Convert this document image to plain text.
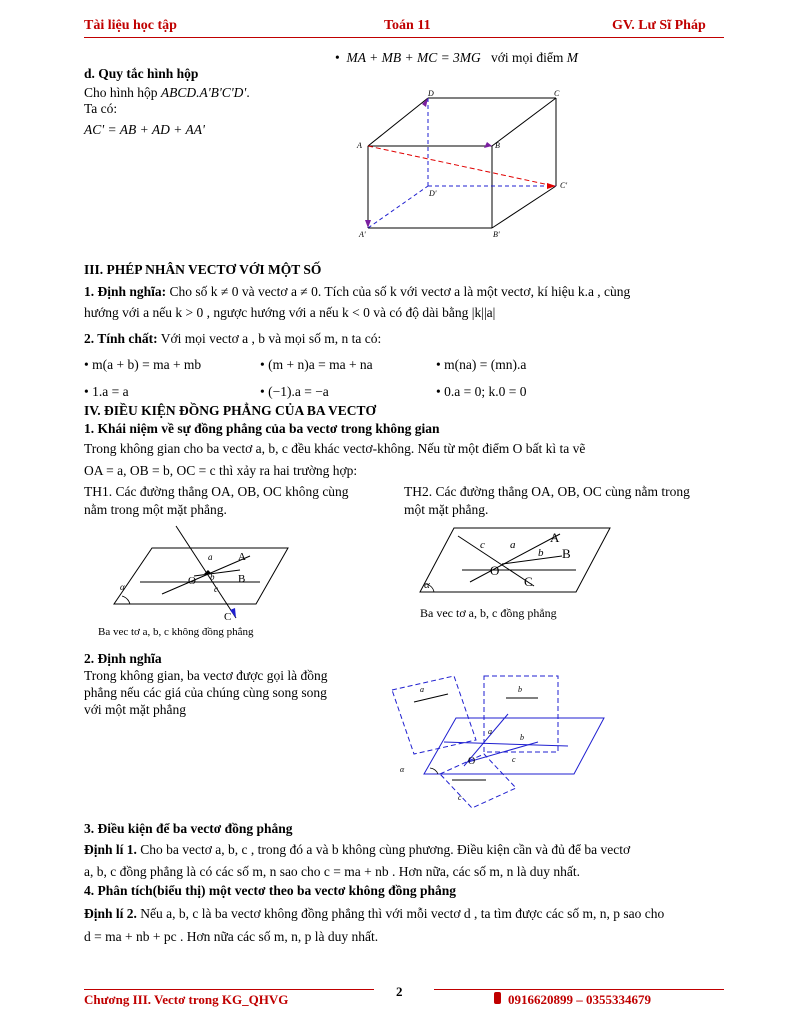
Tài liệu học tập	Toán 11	GV. Lư Sĩ Pháp
• MA + MB + MC = 3MG với mọi điểm M
d. Quy tắc hình hộp
Cho hình hộp ABCD.A'B'C'D'.
Ta có:
AC' = AB + AD + AA'
D	C
A	B
D'
C'
A'	B'
III. PHÉP NHÂN VECTƠ VỚI MỘT SỐ
1. Định nghĩa: Cho số k ≠ 0 và vectơ a ≠ 0. Tích của số k với vectơ a là một vectơ, kí hiệu k.a , cùng
hướng với a nếu k > 0 , ngược hướng với a nếu k < 0 và có độ dài bằng |k||a|
2. Tính chất: Với mọi vectơ a , b và mọi số m, n ta có:
• m(a + b) = ma + mb	• (m + n)a = ma + na	• m(na) = (mn).a
• 1.a = a	• (−1).a = −a	• 0.a = 0; k.0 = 0
IV. ĐIỀU KIỆN ĐỒNG PHẲNG CỦA BA VECTƠ
1. Khái niệm về sự đồng phẳng của ba vectơ trong không gian
Trong không gian cho ba vectơ a, b, c đều khác vectơ-không. Nếu từ một điểm O bất kì ta vẽ
OA = a, OB = b, OC = c thì xảy ra hai trường hợp:
TH1. Các đường thẳng OA, OB, OC không cùng
nằm trong một mặt phẳng.
TH2. Các đường thẳng OA, OB, OC cùng nằm trong
một mặt phẳng.
a
b
c
α
A
B
C
O
Ba vec tơ a, b, c không đồng phẳng
c a
b
α
A
B
C
O
Ba vec tơ a, b, c đồng phẳng
2. Định nghĩa
Trong không gian, ba vectơ được gọi là đồng
phẳng nếu các giá của chúng cùng song song
với một mặt phẳng
a	b
a
b
c
c
α
O
3. Điều kiện để ba vectơ đồng phẳng
Định lí 1. Cho ba vectơ a, b, c , trong đó a và b không cùng phương. Điều kiện cần và đủ để ba vectơ
a, b, c đồng phẳng là có các số m, n sao cho c = ma + nb . Hơn nữa, các số m, n là duy nhất.
4. Phân tích(biểu thị) một vectơ theo ba vectơ không đồng phẳng
Định lí 2. Nếu a, b, c là ba vectơ không đồng phẳng thì với mỗi vectơ d , ta tìm được các số m, n, p sao cho
d = ma + nb + pc . Hơn nữa các số m, n, p là duy nhất.
2
Chương III. Vectơ trong KG_QHVG	0916620899 – 0355334679
